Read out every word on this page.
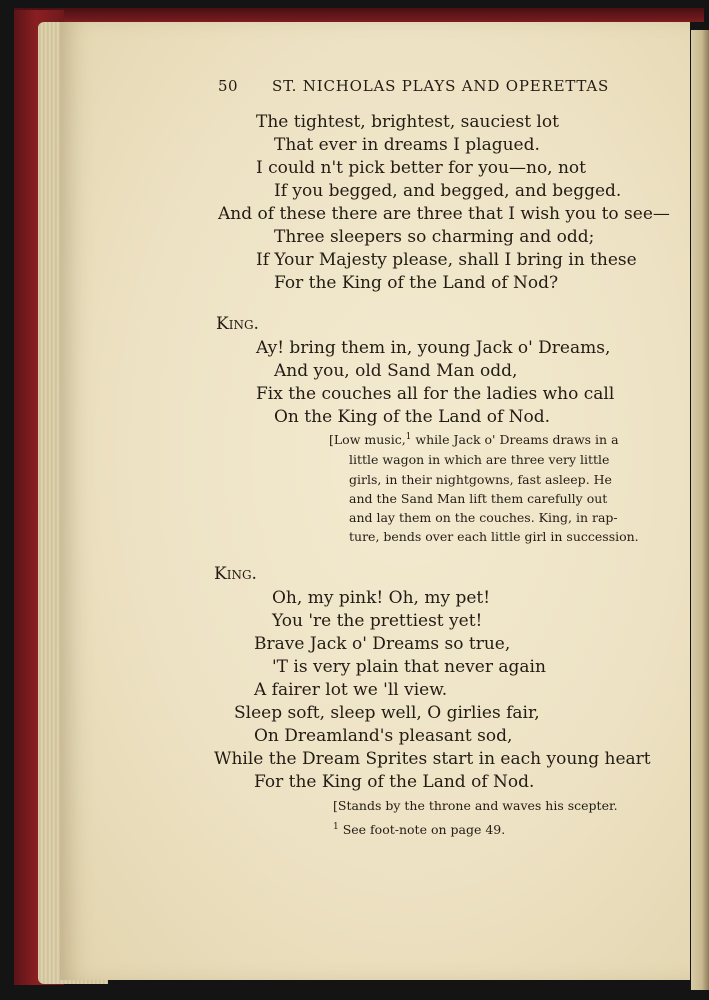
50 ST. NICHOLAS PLAYS AND OPERETTAS
The tightest, brightest, sauciest lot
That ever in dreams I plagued.
I could n't pick better for you—no, not
If you begged, and begged, and begged.
And of these there are three that I wish you to see—
Three sleepers so charming and odd;
If Your Majesty please, shall I bring in these
For the King of the Land of Nod?
King.
Ay! bring them in, young Jack o' Dreams,
And you, old Sand Man odd,
Fix the couches all for the ladies who call
On the King of the Land of Nod.
[Low music,$^1$ while Jack o' Dreams draws in a
little wagon in which are three very little
girls, in their nightgowns, fast asleep. He
and the Sand Man lift them carefully out
and lay them on the couches. King, in rap-
ture, bends over each little girl in succession.
King.
Oh, my pink! Oh, my pet!
You 're the prettiest yet!
Brave Jack o' Dreams so true,
'T is very plain that never again
A fairer lot we 'll view.
Sleep soft, sleep well, O girlies fair,
On Dreamland's pleasant sod,
While the Dream Sprites start in each young heart
For the King of the Land of Nod.
[Stands by the throne and waves his scepter.
$^1$ See foot-note on page 49.
